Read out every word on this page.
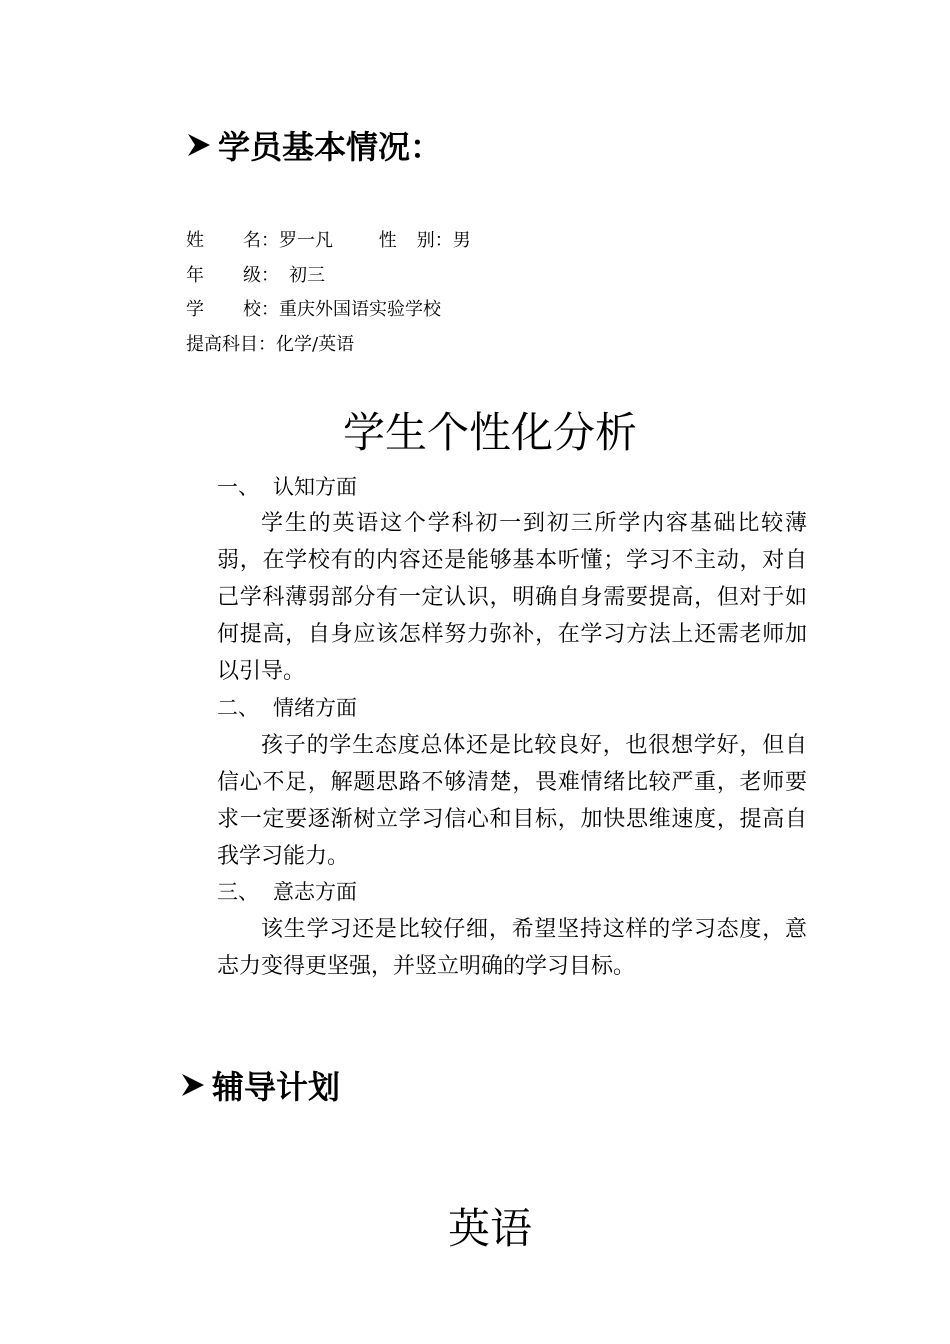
学员基本情况：
姓 名：罗一凡	性 别：男
年 级： 初三
学 校：重庆外国语实验学校
提高科目：化学/英语
学生个性化分析
一、 认知方面
学生的英语这个学科初一到初三所学内容基础比较薄弱，在学校有的内容还是能够基本听懂；学习不主动，对自己学科薄弱部分有一定认识，明确自身需要提高，但对于如何提高，自身应该怎样努力弥补，在学习方法上还需老师加以引导。
二、 情绪方面
孩子的学生态度总体还是比较良好，也很想学好，但自信心不足，解题思路不够清楚，畏难情绪比较严重，老师要求一定要逐渐树立学习信心和目标，加快思维速度，提高自我学习能力。
三、 意志方面
该生学习还是比较仔细，希望坚持这样的学习态度，意志力变得更坚强，并竖立明确的学习目标。
辅导计划
英语
